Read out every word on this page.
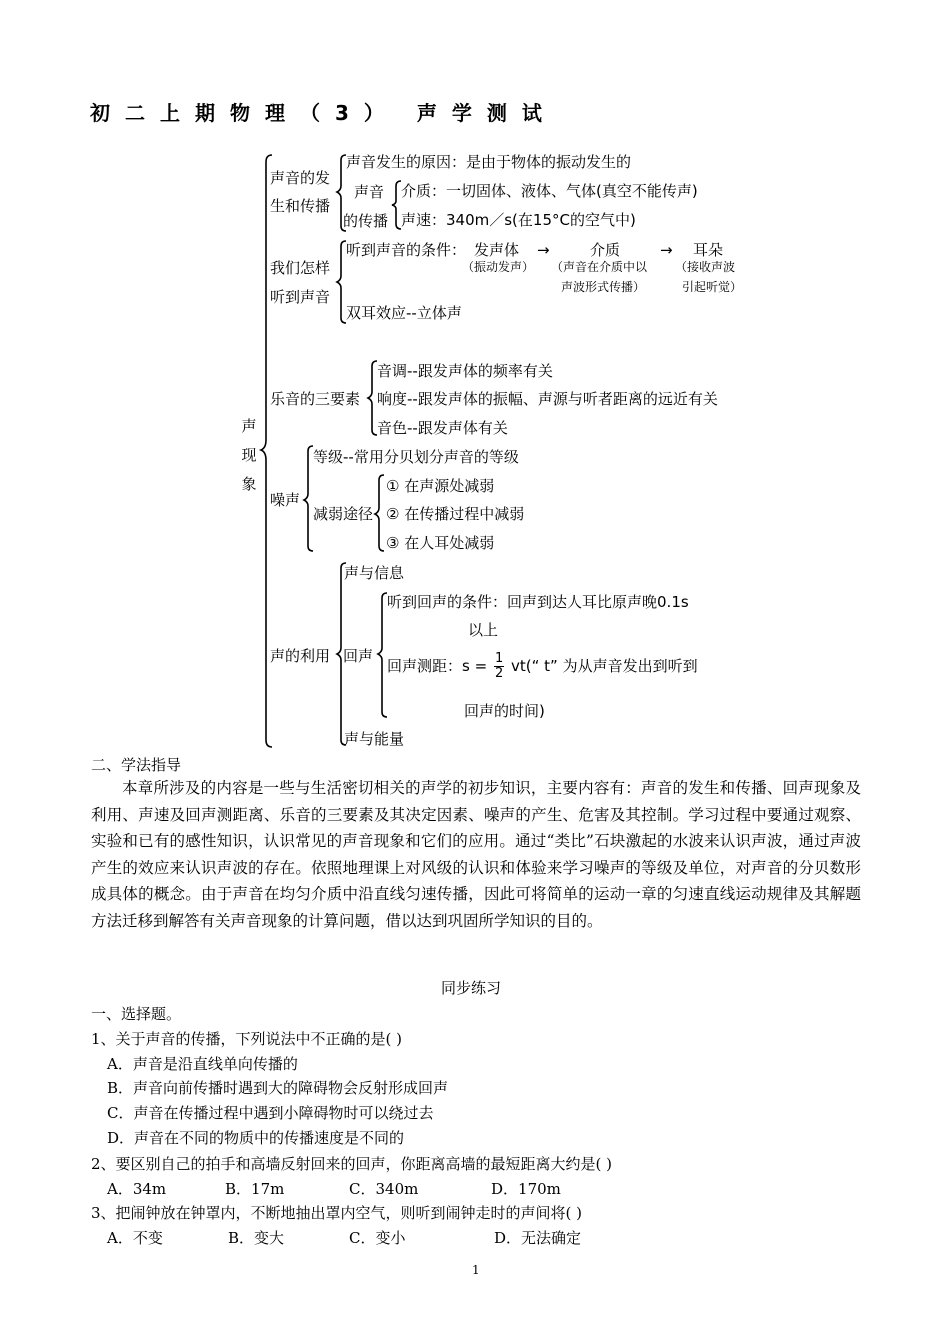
初二上期物理（3） 声学测试
声现象
声音的发
生和传播
声音发生的原因：是由于物体的振动发生的
声音
的传播
介质：一切固体、液体、气体(真空不能传声)
声速：340m／s(在15°C的空气中)
我们怎样
听到声音
听到声音的条件： 发声体
（振动发声）
→	介质
（声音在介质中以
声波形式传播）
→ 耳朵
（接收声波
引起听觉）
双耳效应--立体声
乐音的三要素
音调--跟发声体的频率有关
响度--跟发声体的振幅、声源与听者距离的远近有关
音色--跟发声体有关
噪声
等级--常用分贝划分声音的等级
减弱途径
① 在声源处减弱
② 在传播过程中减弱
③ 在人耳处减弱
声的利用
声与信息
回声
听到回声的条件：回声到达人耳比原声晚0.1s
以上
回声测距：$s = \frac{1}{2}$ vt(“ t” 为从声音发出到听到
回声的时间)
声与能量
二、学法指导
本章所涉及的内容是一些与生活密切相关的声学的初步知识，主要内容有：声音的发生和传播、回声现象及利用、声速及回声测距离、乐音的三要素及其决定因素、噪声的产生、危害及其控制。学习过程中要通过观察、实验和已有的感性知识，认识常见的声音现象和它们的应用。通过“类比”石块激起的水波来认识声波，通过声波产生的效应来认识声波的存在。依照地理课上对风级的认识和体验来学习噪声的等级及单位，对声音的分贝数形成具体的概念。由于声音在均匀介质中沿直线匀速传播，因此可将简单的运动一章的匀速直线运动规律及其解题方法迁移到解答有关声音现象的计算问题，借以达到巩固所学知识的目的。
同步练习
一、选择题。
1、关于声音的传播，下列说法中不正确的是( )
A．声音是沿直线单向传播的
B．声音向前传播时遇到大的障碍物会反射形成回声
C．声音在传播过程中遇到小障碍物时可以绕过去
D．声音在不同的物质中的传播速度是不同的
2、要区别自己的拍手和高墙反射回来的回声，你距离高墙的最短距离大约是( )
A．34m	B．17m	C．340m	D．170m
3、把闹钟放在钟罩内，不断地抽出罩内空气，则听到闹钟走时的声间将( )
A．不变	B．变大	C．变小	D．无法确定
1
